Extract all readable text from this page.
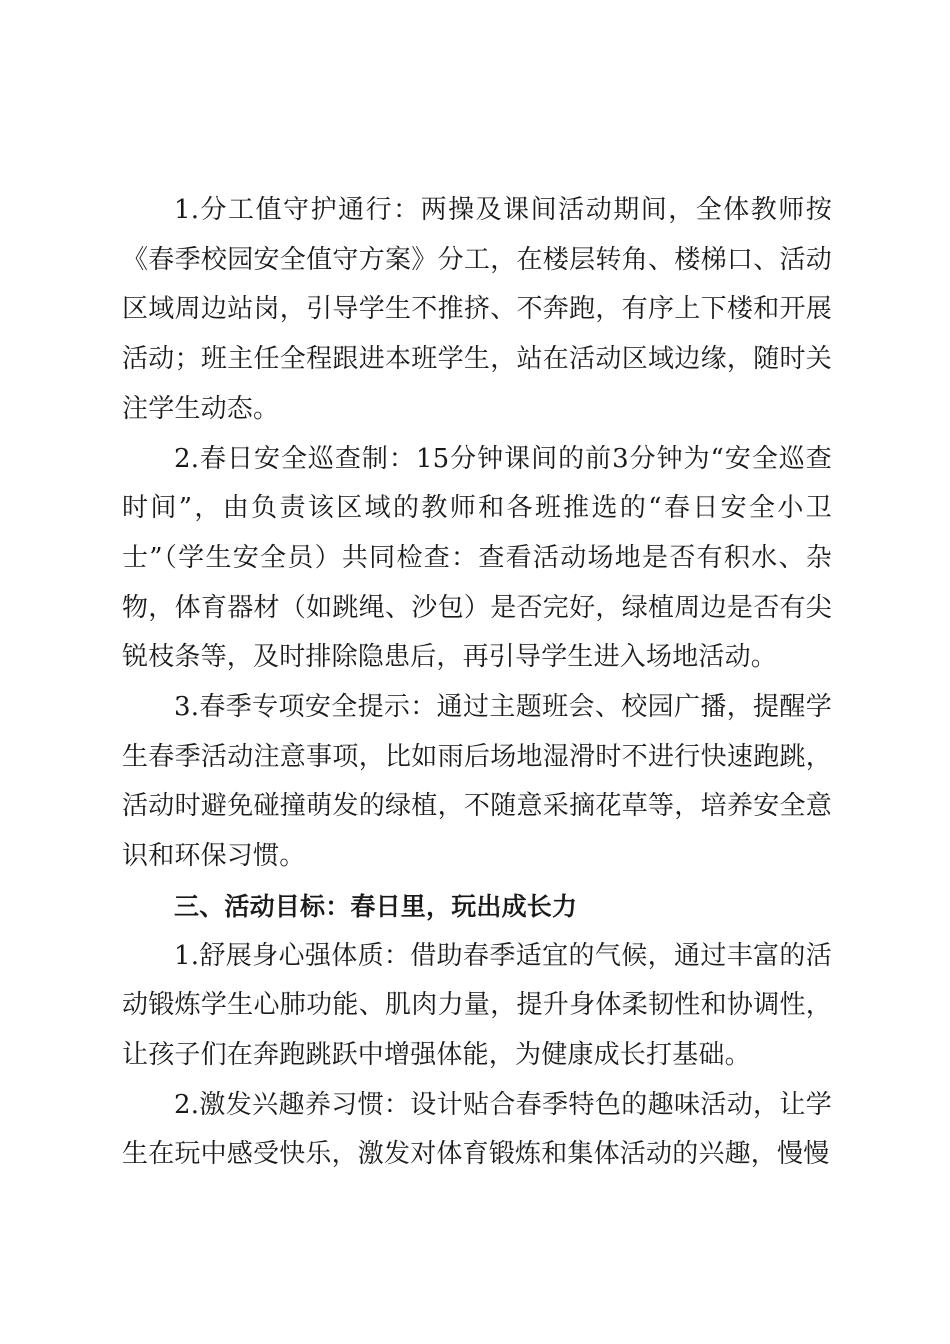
1.分工值守护通行：两操及课间活动期间，全体教师按《春季校园安全值守方案》分工，在楼层转角、楼梯口、活动区域周边站岗，引导学生不推挤、不奔跑，有序上下楼和开展活动；班主任全程跟进本班学生，站在活动区域边缘，随时关注学生动态。

2.春日安全巡查制：15分钟课间的前3分钟为“安全巡查时间”，由负责该区域的教师和各班推选的“春日安全小卫士”（学生安全员）共同检查：查看活动场地是否有积水、杂物，体育器材（如跳绳、沙包）是否完好，绿植周边是否有尖锐枝条等，及时排除隐患后，再引导学生进入场地活动。

3.春季专项安全提示：通过主题班会、校园广播，提醒学生春季活动注意事项，比如雨后场地湿滑时不进行快速跑跳，活动时避免碰撞萌发的绿植，不随意采摘花草等，培养安全意识和环保习惯。

三、活动目标：春日里，玩出成长力

1.舒展身心强体质：借助春季适宜的气候，通过丰富的活动锻炼学生心肺功能、肌肉力量，提升身体柔韧性和协调性，让孩子们在奔跑跳跃中增强体能，为健康成长打基础。

2.激发兴趣养习惯：设计贴合春季特色的趣味活动，让学生在玩中感受快乐，激发对体育锻炼和集体活动的兴趣，慢慢
